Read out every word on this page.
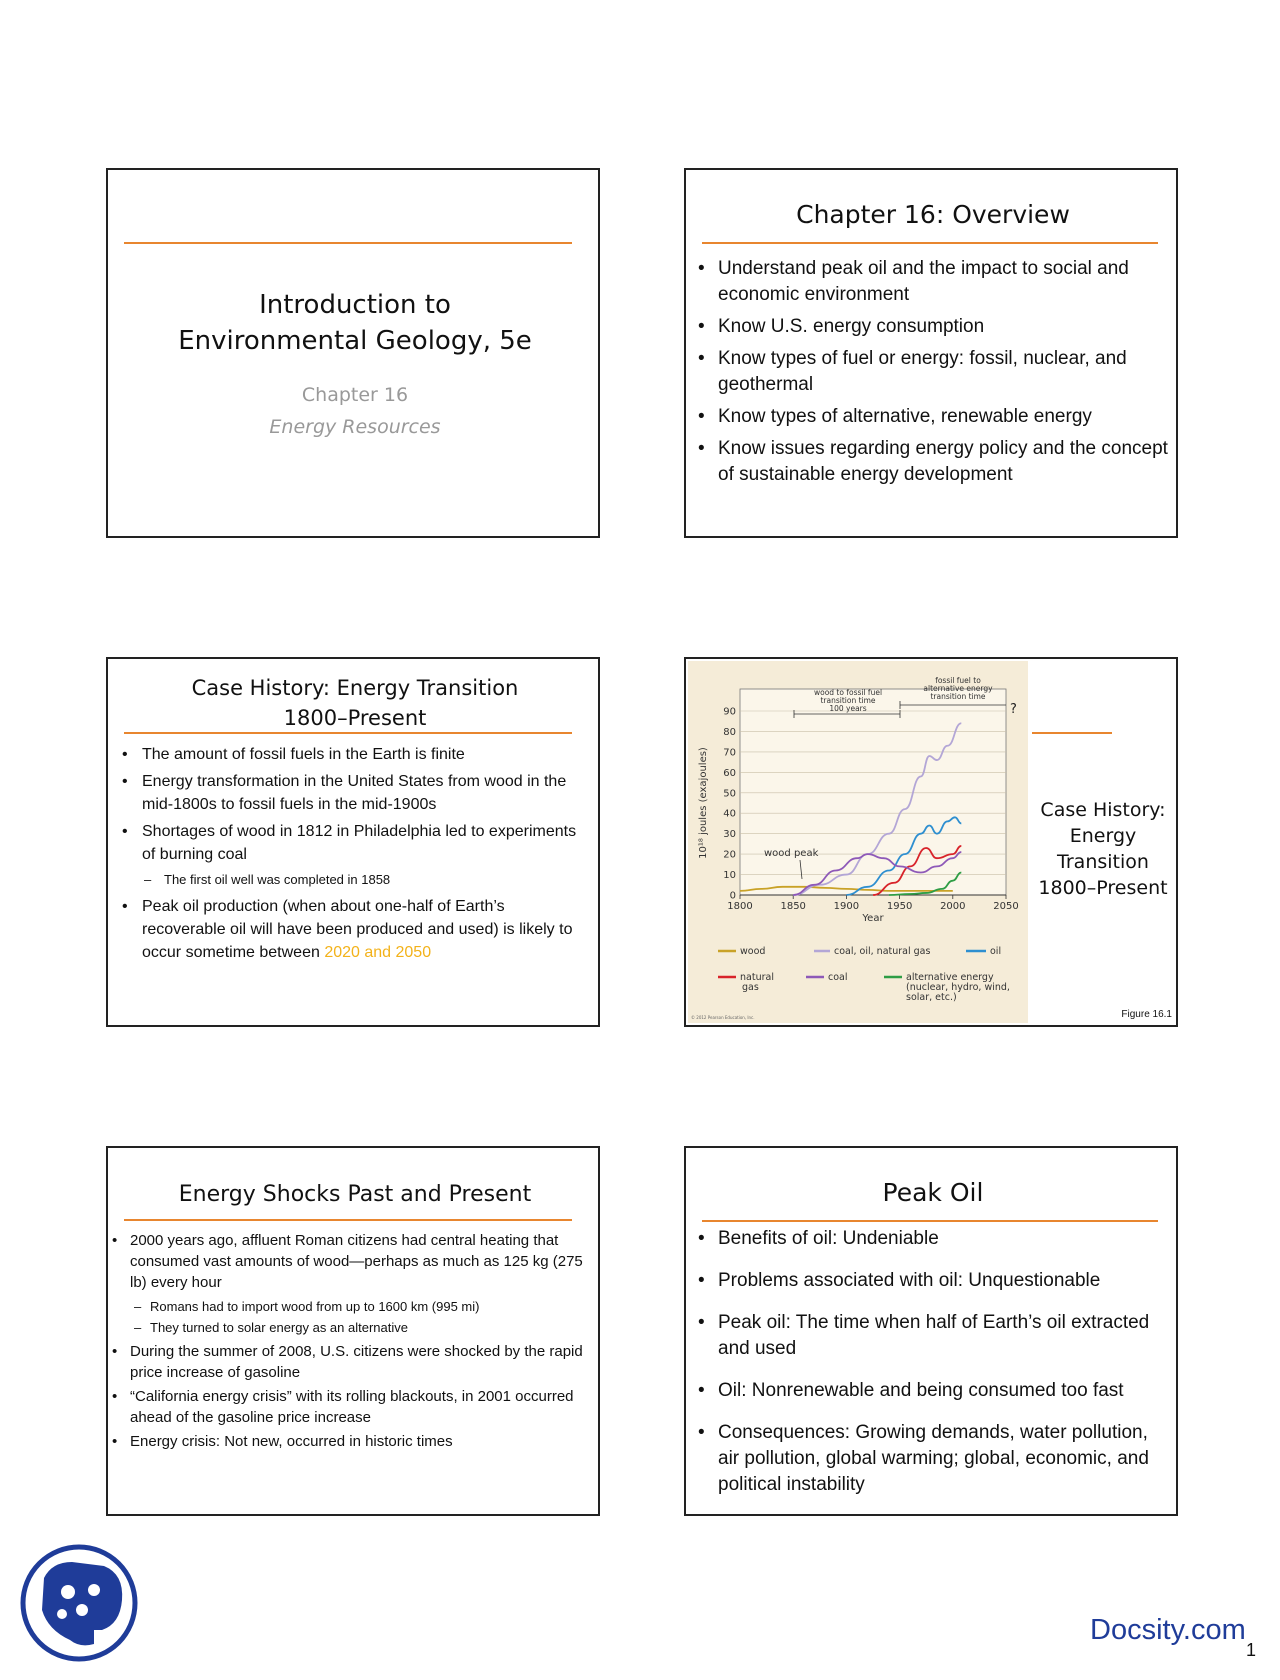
Introduction to
Environmental Geology, 5e
Chapter 16
Energy Resources
Chapter 16: Overview
• Understand peak oil and the impact to social and economic environment
• Know U.S. energy consumption
• Know types of fuel or energy: fossil, nuclear, and geothermal
• Know types of alternative, renewable energy
• Know issues regarding energy policy and the concept of sustainable energy development
Case History: Energy Transition 1800–Present
• The amount of fossil fuels in the Earth is finite
• Energy transformation in the United States from wood in the mid-1800s to fossil fuels in the mid-1900s
• Shortages of wood in 1812 in Philadelphia led to experiments of burning coal
– The first oil well was completed in 1858
• Peak oil production (when about one-half of Earth’s recoverable oil will have been produced and used) is likely to occur sometime between 2020 and 2050
0
10
20
30
40
50
60
70
80
90
1800	1850	1900	1950	2000	2050
Year
10¹⁸ joules (exajoules)
wood to fossil fuel
transition time
100 years
fossil fuel to
alternative energy
transition time
?
wood peak
wood	coal, oil, natural gas	oil
natural
gas
coal	alternative energy
(nuclear, hydro, wind,
solar, etc.)
© 2012 Pearson Education, Inc.
Case History:
Energy
Transition
1800–Present
Figure 16.1
Energy Shocks Past and Present
• 2000 years ago, affluent Roman citizens had central heating that consumed vast amounts of wood—perhaps as much as 125 kg (275 lb) every hour
– Romans had to import wood from up to 1600 km (995 mi)
– They turned to solar energy as an alternative
• During the summer of 2008, U.S. citizens were shocked by the rapid price increase of gasoline
• “California energy crisis” with its rolling blackouts, in 2001 occurred ahead of the gasoline price increase
• Energy crisis: Not new, occurred in historic times
Peak Oil
• Benefits of oil: Undeniable
• Problems associated with oil: Unquestionable
• Peak oil: The time when half of Earth’s oil extracted and used
• Oil: Nonrenewable and being consumed too fast
• Consequences: Growing demands, water pollution, air pollution, global warming; global, economic, and political instability
Docsity.com
1
